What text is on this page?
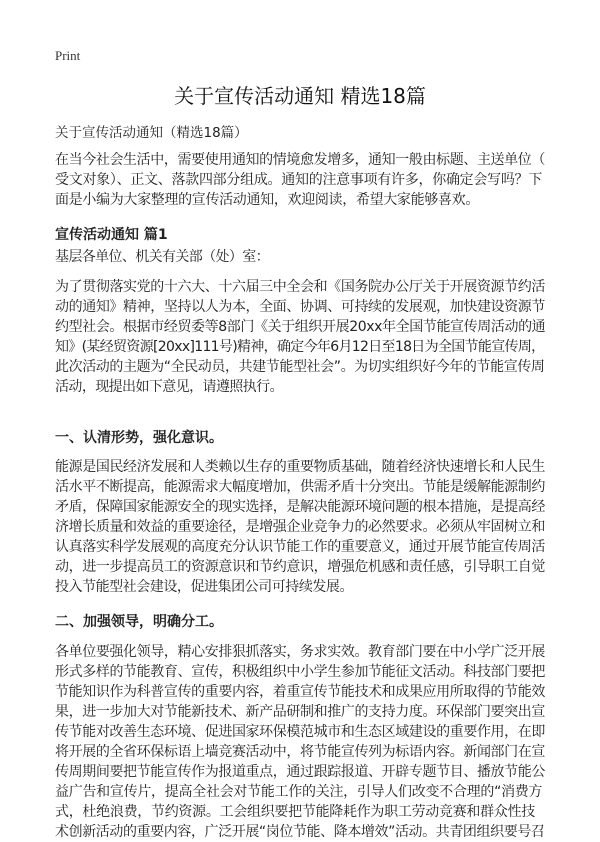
Print
关于宣传活动通知 精选18篇
关于宣传活动通知（精选18篇）
在当今社会生活中，需要使用通知的情境愈发增多，通知一般由标题、主送单位（
受文对象）、正文、落款四部分组成。通知的注意事项有许多，你确定会写吗？下
面是小编为大家整理的宣传活动通知，欢迎阅读，希望大家能够喜欢。
宣传活动通知 篇1
基层各单位、机关有关部（处）室：
为了贯彻落实党的十六大、十六届三中全会和《国务院办公厅关于开展资源节约活
动的通知》精神，坚持以人为本，全面、协调、可持续的发展观，加快建设资源节
约型社会。根据市经贸委等8部门《关于组织开展20xx年全国节能宣传周活动的通
知》(某经贸资源[20xx]111号)精神，确定今年6月12日至18日为全国节能宣传周，
此次活动的主题为“全民动员，共建节能型社会”。为切实组织好今年的节能宣传周
活动，现提出如下意见，请遵照执行。
一、认清形势，强化意识。
能源是国民经济发展和人类赖以生存的重要物质基础，随着经济快速增长和人民生
活水平不断提高，能源需求大幅度增加，供需矛盾十分突出。节能是缓解能源制约
矛盾，保障国家能源安全的现实选择，是解决能源环境问题的根本措施，是提高经
济增长质量和效益的重要途径，是增强企业竞争力的必然要求。必须从牢固树立和
认真落实科学发展观的高度充分认识节能工作的重要意义，通过开展节能宣传周活
动，进一步提高员工的资源意识和节约意识，增强危机感和责任感，引导职工自觉
投入节能型社会建设，促进集团公司可持续发展。
二、加强领导，明确分工。
各单位要强化领导，精心安排狠抓落实，务求实效。教育部门要在中小学广泛开展
形式多样的节能教育、宣传，积极组织中小学生参加节能征文活动。科技部门要把
节能知识作为科普宣传的重要内容，着重宣传节能技术和成果应用所取得的节能效
果，进一步加大对节能新技术、新产品研制和推广的支持力度。环保部门要突出宣
传节能对改善生态环境、促进国家环保模范城市和生态区域建设的重要作用，在即
将开展的全省环保标语上墙竞赛活动中，将节能宣传列为标语内容。新闻部门在宣
传周期间要把节能宣传作为报道重点，通过跟踪报道、开辟专题节目、播放节能公
益广告和宣传片，提高全社会对节能工作的关注，引导人们改变不合理的“消费方
式，杜绝浪费，节约资源。工会组织要把节能降耗作为职工劳动竞赛和群众性技
术创新活动的重要内容，广泛开展“岗位节能、降本增效”活动。共青团组织要号召
